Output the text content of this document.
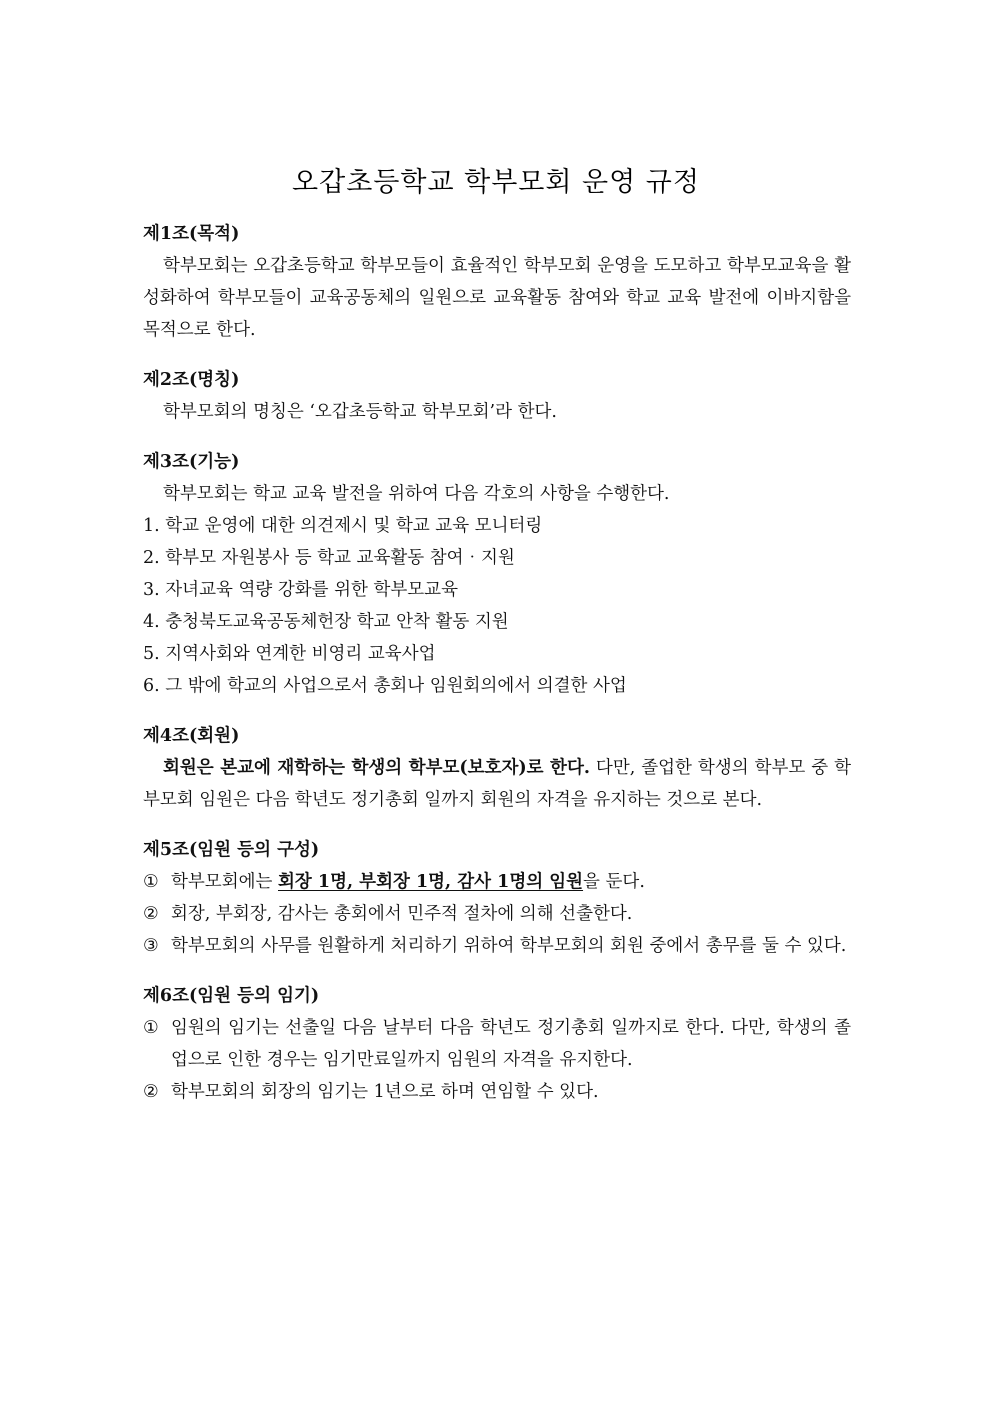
오갑초등학교 학부모회 운영 규정

제1조(목적)

학부모회는 오갑초등학교 학부모들이 효율적인 학부모회 운영을 도모하고 학부모교육을 활성화하여 학부모들이 교육공동체의 일원으로 교육활동 참여와 학교 교육 발전에 이바지함을 목적으로 한다.

제2조(명칭)

학부모회의 명칭은 ‘오갑초등학교 학부모회’라 한다.

제3조(기능)

학부모회는 학교 교육 발전을 위하여 다음 각호의 사항을 수행한다.

1. 학교 운영에 대한 의견제시 및 학교 교육 모니터링

2. 학부모 자원봉사 등 학교 교육활동 참여‧지원

3. 자녀교육 역량 강화를 위한 학부모교육

4. 충청북도교육공동체헌장 학교 안착 활동 지원

5. 지역사회와 연계한 비영리 교육사업

6. 그 밖에 학교의 사업으로서 총회나 임원회의에서 의결한 사업

제4조(회원)

회원은 본교에 재학하는 학생의 학부모(보호자)로 한다. 다만, 졸업한 학생의 학부모 중 학부모회 임원은 다음 학년도 정기총회 일까지 회원의 자격을 유지하는 것으로 본다.

제5조(임원 등의 구성)

① 학부모회에는 회장 1명, 부회장 1명, 감사 1명의 임원을 둔다.

② 회장, 부회장, 감사는 총회에서 민주적 절차에 의해 선출한다.

③ 학부모회의 사무를 원활하게 처리하기 위하여 학부모회의 회원 중에서 총무를 둘 수 있다.

제6조(임원 등의 임기)

① 임원의 임기는 선출일 다음 날부터 다음 학년도 정기총회 일까지로 한다. 다만, 학생의 졸업으로 인한 경우는 임기만료일까지 임원의 자격을 유지한다.

② 학부모회의 회장의 임기는 1년으로 하며 연임할 수 있다.
